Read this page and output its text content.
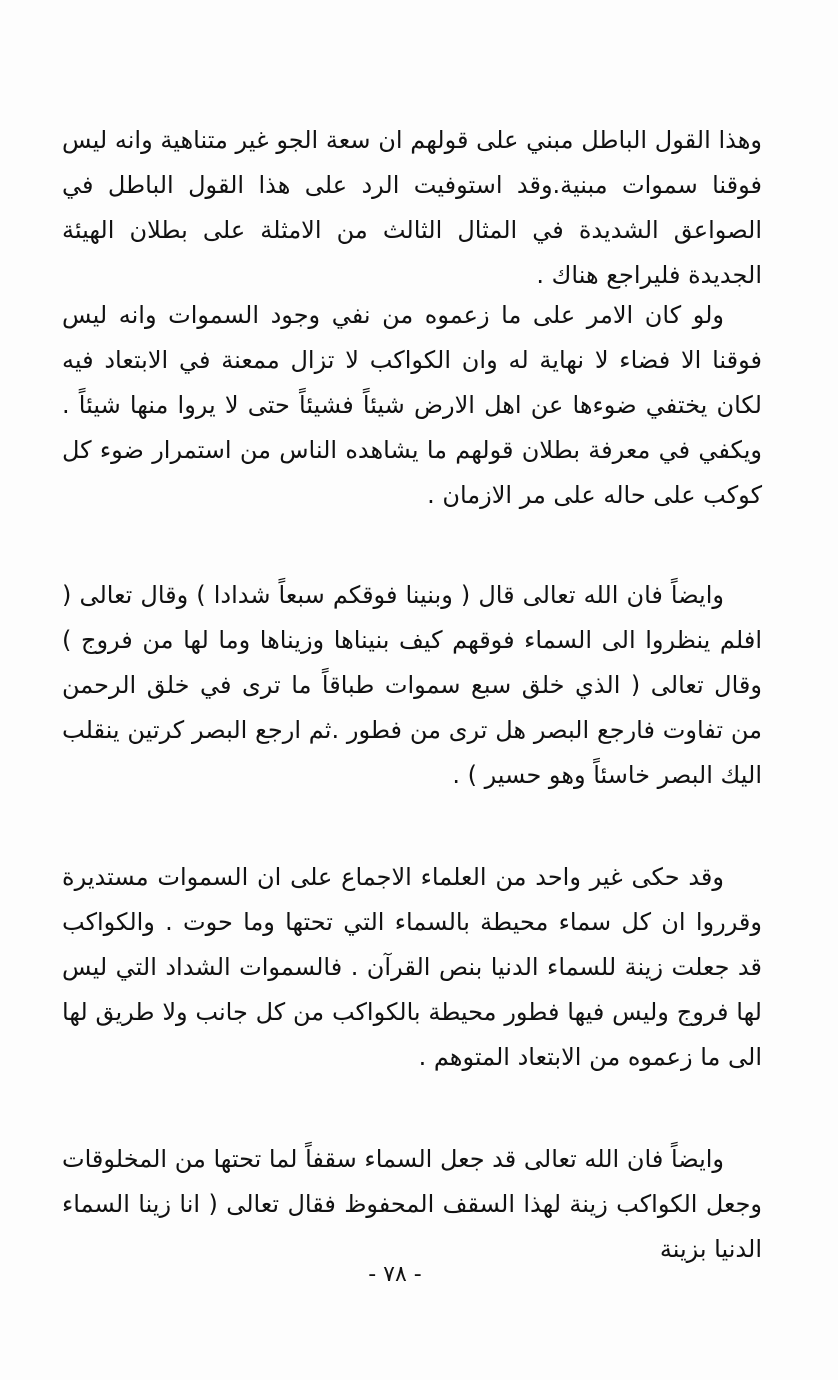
وهذا القول الباطل مبني على قولهم ان سعة الجو غير متناهية وانه ليس فوقنا سموات مبنية.وقد استوفيت الرد على هذا القول الباطل في الصواعق الشديدة في المثال الثالث من الامثلة على بطلان الهيئة الجديدة فليراجع هناك .

ولو كان الامر على ما زعموه من نفي وجود السموات وانه ليس فوقنا الا فضاء لا نهاية له وان الكواكب لا تزال ممعنة في الابتعاد فيه لكان يختفي ضوءها عن اهل الارض شيئاً فشيئاً حتى لا يروا منها شيئاً . ويكفي في معرفة بطلان قولهم ما يشاهده الناس من استمرار ضوء كل كوكب على حاله على مر الازمان .

وايضاً فان الله تعالى قال ( وبنينا فوقكم سبعاً شدادا ) وقال تعالى ( افلم ينظروا الى السماء فوقهم كيف بنيناها وزيناها وما لها من فروج ) وقال تعالى ( الذي خلق سبع سموات طباقاً ما ترى في خلق الرحمن من تفاوت فارجع البصر هل ترى من فطور .ثم ارجع البصر كرتين ينقلب اليك البصر خاسئاً وهو حسير ) .

وقد حكى غير واحد من العلماء الاجماع على ان السموات مستديرة وقرروا ان كل سماء محيطة بالسماء التي تحتها وما حوت . والكواكب قد جعلت زينة للسماء الدنيا بنص القرآن . فالسموات الشداد التي ليس لها فروج وليس فيها فطور محيطة بالكواكب من كل جانب ولا طريق لها الى ما زعموه من الابتعاد المتوهم .

وايضاً فان الله تعالى قد جعل السماء سقفاً لما تحتها من المخلوقات وجعل الكواكب زينة لهذا السقف المحفوظ فقال تعالى ( انا زينا السماء الدنيا بزينة

- ٧٨ -
